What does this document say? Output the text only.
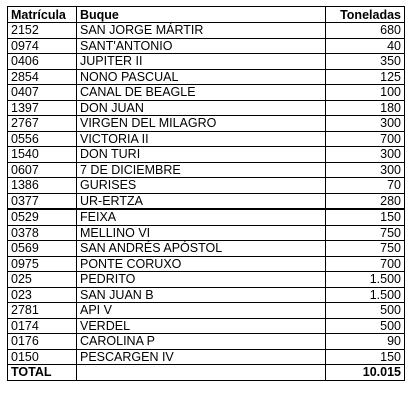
Matrícula	Buque	Toneladas
2152	SAN JORGE MÁRTIR	680
0974	SANT'ANTONIO	40
0406	JUPITER II	350
2854	NONO PASCUAL	125
0407	CANAL DE BEAGLE	100
1397	DON JUAN	180
2767	VIRGEN DEL MILAGRO	300
0556	VICTORIA II	700
1540	DON TURI	300
0607	7 DE DICIEMBRE	300
1386	GURISES	70
0377	UR-ERTZA	280
0529	FEIXA	150
0378	MELLINO VI	750
0569	SAN ANDRÉS APÓSTOL	750
0975	PONTE CORUXO	700
025	PEDRITO	1.500
023	SAN JUAN B	1.500
2781	API V	500
0174	VERDEL	500
0176	CAROLINA P	90
0150	PESCARGEN IV	150
TOTAL		10.015
